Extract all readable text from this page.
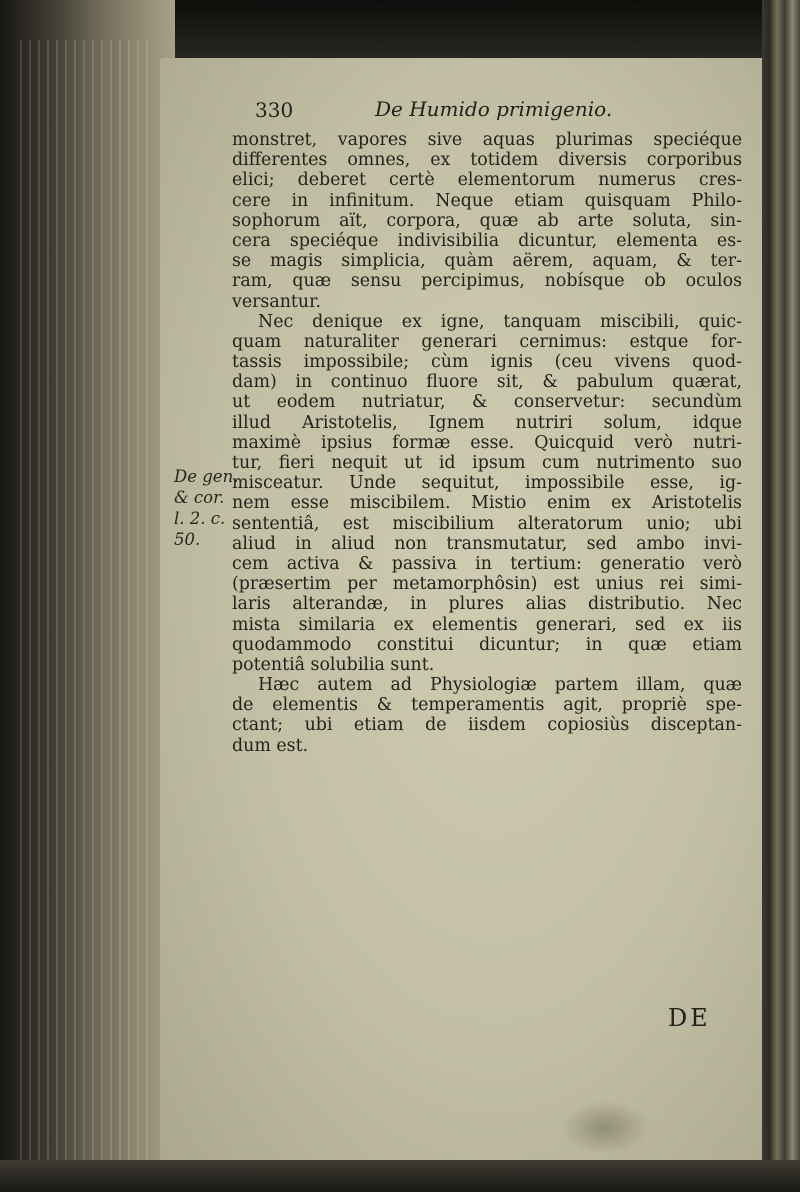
330	De Humido primigenio.
De gen.
& cor.
l. 2. c.
50.
monstret, vapores sive aquas plurimas speciéque
differentes omnes, ex totidem diversis corporibus
elici; deberet certè elementorum numerus cres-
cere in infinitum. Neque etiam quisquam Philo-
sophorum aït, corpora, quæ ab arte soluta, sin-
cera speciéque indivisibilia dicuntur, elementa es-
se magis simplicia, quàm aërem, aquam, & ter-
ram, quæ sensu percipimus, nobísque ob oculos
versantur.
Nec denique ex igne, tanquam miscibili, quic-
quam naturaliter generari cernimus: estque for-
tassis impossibile; cùm ignis (ceu vivens quod-
dam) in continuo fluore sit, & pabulum quærat,
ut eodem nutriatur, & conservetur: secundùm
illud Aristotelis, Ignem nutriri solum, idque
maximè ipsius formæ esse. Quicquid verò nutri-
tur, fieri nequit ut id ipsum cum nutrimento suo
misceatur. Unde sequitut, impossibile esse, ig-
nem esse miscibilem. Mistio enim ex Aristotelis
sententiâ, est miscibilium alteratorum unio; ubi
aliud in aliud non transmutatur, sed ambo invi-
cem activa & passiva in tertium: generatio verò
(præsertim per metamorphôsin) est unius rei simi-
laris alterandæ, in plures alias distributio. Nec
mista similaria ex elementis generari, sed ex iis
quodammodo constitui dicuntur; in quæ etiam
potentiâ solubilia sunt.
Hæc autem ad Physiologiæ partem illam, quæ
de elementis & temperamentis agit, propriè spe-
ctant; ubi etiam de iisdem copiosiùs disceptan-
dum est.
DE
